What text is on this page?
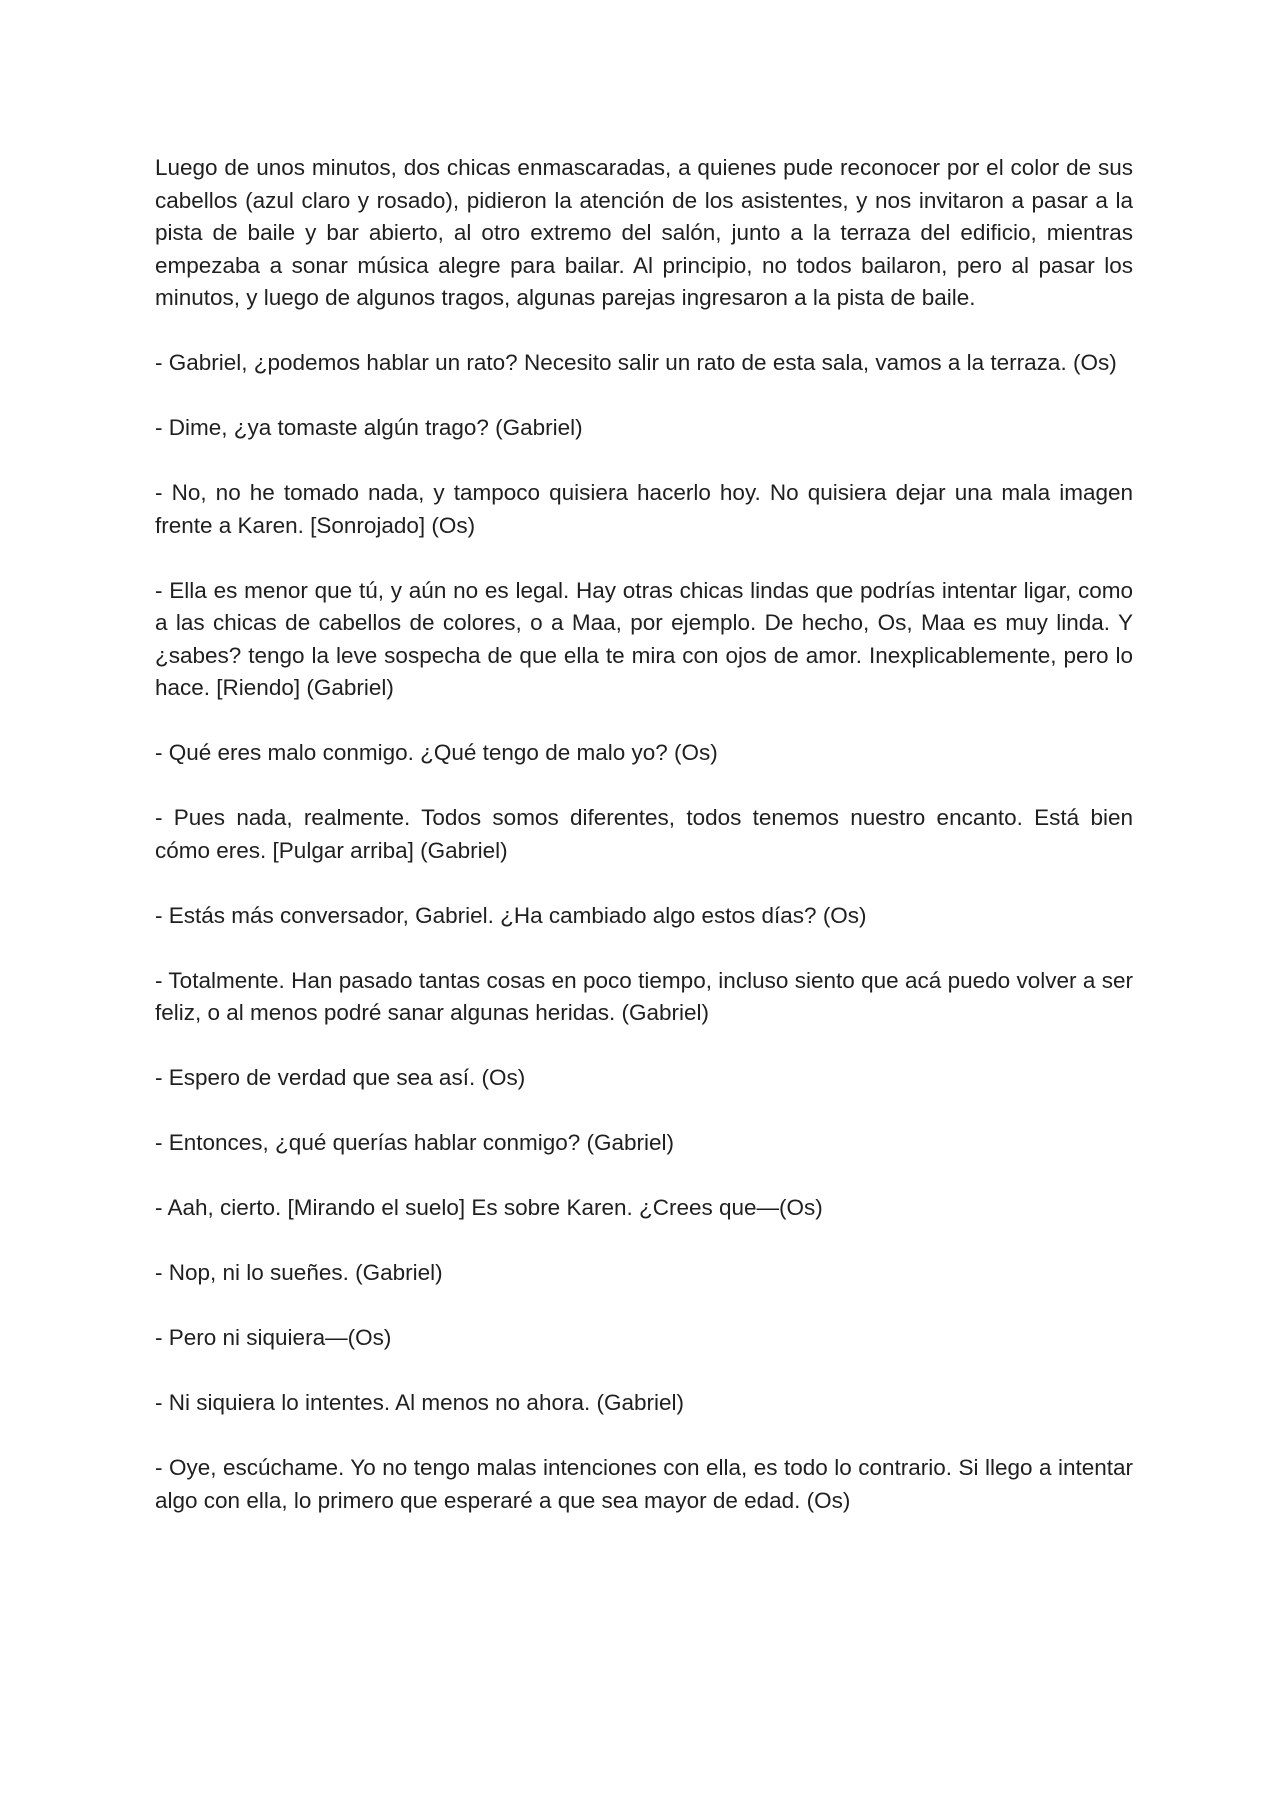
Luego de unos minutos, dos chicas enmascaradas, a quienes pude reconocer por el color de sus cabellos (azul claro y rosado), pidieron la atención de los asistentes, y nos invitaron a pasar a la pista de baile y bar abierto, al otro extremo del salón, junto a la terraza del edificio, mientras empezaba a sonar música alegre para bailar. Al principio, no todos bailaron, pero al pasar los minutos, y luego de algunos tragos, algunas parejas ingresaron a la pista de baile.

- Gabriel, ¿podemos hablar un rato? Necesito salir un rato de esta sala, vamos a la terraza. (Os)

- Dime, ¿ya tomaste algún trago? (Gabriel)

- No, no he tomado nada, y tampoco quisiera hacerlo hoy. No quisiera dejar una mala imagen frente a Karen. [Sonrojado] (Os)

- Ella es menor que tú, y aún no es legal. Hay otras chicas lindas que podrías intentar ligar, como a las chicas de cabellos de colores, o a Maa, por ejemplo. De hecho, Os, Maa es muy linda. Y ¿sabes? tengo la leve sospecha de que ella te mira con ojos de amor. Inexplicablemente, pero lo hace. [Riendo] (Gabriel)

- Qué eres malo conmigo. ¿Qué tengo de malo yo? (Os)

- Pues nada, realmente. Todos somos diferentes, todos tenemos nuestro encanto. Está bien cómo eres. [Pulgar arriba] (Gabriel)

- Estás más conversador, Gabriel. ¿Ha cambiado algo estos días? (Os)

- Totalmente. Han pasado tantas cosas en poco tiempo, incluso siento que acá puedo volver a ser feliz, o al menos podré sanar algunas heridas. (Gabriel)

- Espero de verdad que sea así. (Os)

- Entonces, ¿qué querías hablar conmigo? (Gabriel)

- Aah, cierto. [Mirando el suelo] Es sobre Karen. ¿Crees que—(Os)

- Nop, ni lo sueñes. (Gabriel)

- Pero ni siquiera—(Os)

- Ni siquiera lo intentes. Al menos no ahora. (Gabriel)

- Oye, escúchame. Yo no tengo malas intenciones con ella, es todo lo contrario. Si llego a intentar algo con ella, lo primero que esperaré a que sea mayor de edad. (Os)
